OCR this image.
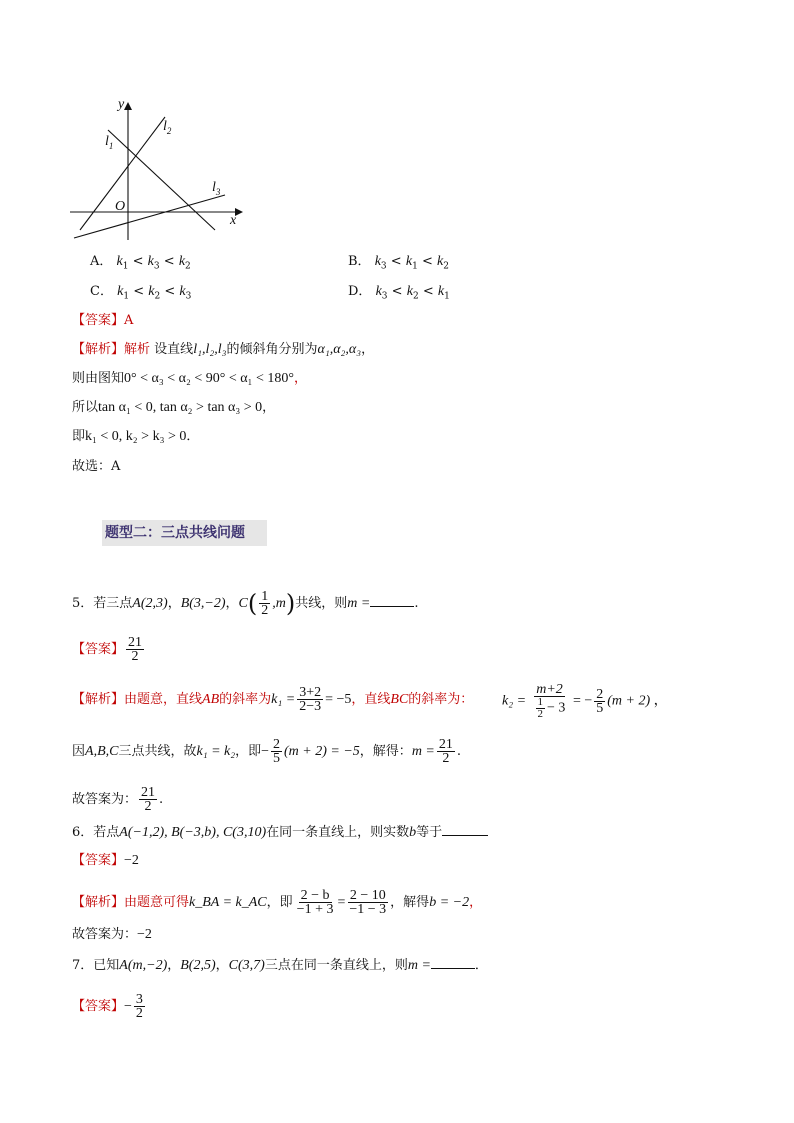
y
x
O
$l_1$
$l_2$
$l_3$
A． $k_1 < k_3 < k_2$	B． $k_3 < k_1 < k_2$
C． $k_1 < k_2 < k_3$	D． $k_3 < k_2 < k_1$
【答案】A
【解析】解析 设直线l₁,l₂,l₃的倾斜角分别为α₁,α₂,α₃，
则由图知0° < α₃ < α₂ < 90° < α₁ < 180°，
所以tan α₁ < 0, tan α₂ > tan α₃ > 0，
即k₁ < 0, k₂ > k₃ > 0．
故选：A
题型二：三点共线问题
5．若三点A(2,3)，B(3,−2)，$C( \frac{1}{2} ,m)$共线，则m =	.
【答案】 $\frac{21}{2}$
【解析】由题意，直线AB的斜率为$k_1 = \frac{3+2}{2-3} = -5$，直线BC的斜率为： $k_2 = \frac{m+2}{\frac{1}{2} - 3}$ = − $\frac{2}{5} (m + 2)$ ，
因A,B,C三点共线，故k₁ = k₂，即− $\frac{2}{5} (m + 2) = -5$，解得：$m = \frac{21}{2}$ .
故答案为： $\frac{21}{2}$ .
6．若点A(−1,2), B(−3,b), C(3,10)在同一条直线上，则实数b等于
【答案】−2
【解析】由题意可得k_BA = k_AC，即 $\frac{2 - b}{-1 + 3} = \frac{2 - 10}{-1 - 3}$ ，解得b = −2，
故答案为：−2
7．已知A(m,−2)，B(2,5)，C(3,7)三点在同一条直线上，则m =	．
【答案】− $\frac{3}{2}$
